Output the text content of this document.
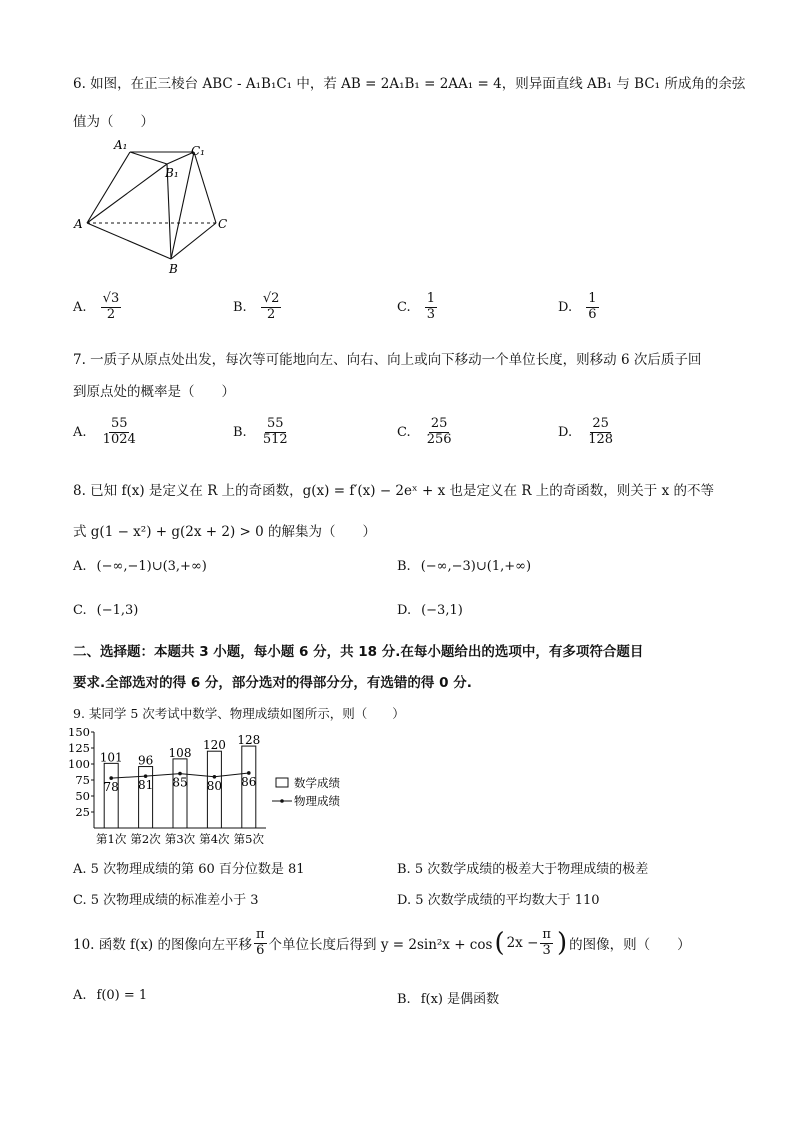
6. 如图，在正三棱台 ABC - A₁B₁C₁ 中，若 AB = 2A₁B₁ = 2AA₁ = 4，则异面直线 AB₁ 与 BC₁ 所成角的余弦
值为（　　）
A₁	C₁
B₁
A	C
B
A. $\frac{√3}{2}$	B. $\frac{√2}{2}$	C. $\frac{1}{3}$	D. $\frac{1}{6}$
7. 一质子从原点处出发，每次等可能地向左、向右、向上或向下移动一个单位长度，则移动 6 次后质子回
到原点处的概率是（　　）
A. $\frac{55}{1024}$	B. $\frac{55}{512}$	C. $\frac{25}{256}$	D. $\frac{25}{128}$
8. 已知 f(x) 是定义在 R 上的奇函数，g(x) = f′(x) − 2eˣ + x 也是定义在 R 上的奇函数，则关于 x 的不等
式 g(1 − x²) + g(2x + 2) > 0 的解集为（　　）
A. (−∞,−1)∪(3,+∞)	B. (−∞,−3)∪(1,+∞)
C. (−1,3)	D. (−3,1)
二、选择题：本题共 3 小题，每小题 6 分，共 18 分.在每小题给出的选项中，有多项符合题目
要求.全部选对的得 6 分，部分选对的得部分分，有选错的得 0 分.
9. 某同学 5 次考试中数学、物理成绩如图所示，则（　　）
25
50
75
100
125
150
101
第1次
96
第2次
108
第3次
120
第4次
128
第5次
78 81 85 80 86	数学成绩
物理成绩
A. 5 次物理成绩的第 60 百分位数是 81	B. 5 次数学成绩的极差大于物理成绩的极差
C. 5 次物理成绩的标准差小于 3	D. 5 次数学成绩的平均数大于 110
10. 函数 f(x) 的图像向左平移 $\frac{\pi}{6}$ 个单位长度后得到 y = 2sin²x + cos ( $2x - \frac{\pi}{3}$ ) 的图像，则（　　）
A. f(0) = 1	B. f(x) 是偶函数
